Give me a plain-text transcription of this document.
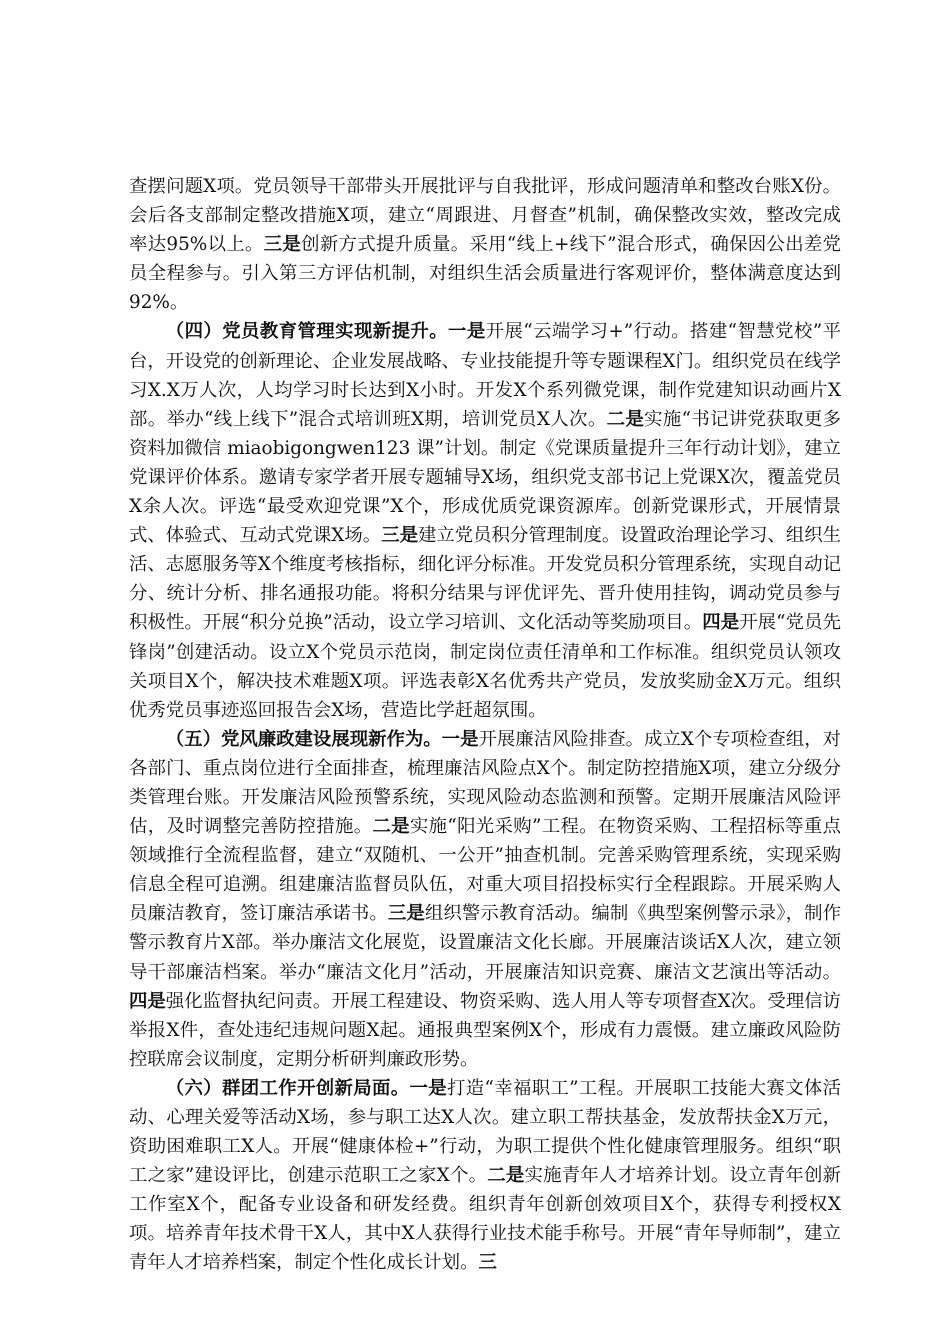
查摆问题X项。党员领导干部带头开展批评与自我批评，形成问题清单和整改台账X份。会后各支部制定整改措施X项，建立“周跟进、月督查”机制，确保整改实效，整改完成率达95%以上。三是创新方式提升质量。采用“线上+线下”混合形式，确保因公出差党员全程参与。引入第三方评估机制，对组织生活会质量进行客观评价，整体满意度达到92%。

（四）党员教育管理实现新提升。一是开展“云端学习+”行动。搭建“智慧党校”平台，开设党的创新理论、企业发展战略、专业技能提升等专题课程X门。组织党员在线学习X.X万人次，人均学习时长达到X小时。开发X个系列微党课，制作党建知识动画片X部。举办“线上线下”混合式培训班X期，培训党员X人次。二是实施“书记讲党获取更多资料加微信 miaobigongwen123 课”计划。制定《党课质量提升三年行动计划》，建立党课评价体系。邀请专家学者开展专题辅导X场，组织党支部书记上党课X次，覆盖党员X余人次。评选“最受欢迎党课”X个，形成优质党课资源库。创新党课形式，开展情景式、体验式、互动式党课X场。三是建立党员积分管理制度。设置政治理论学习、组织生活、志愿服务等X个维度考核指标，细化评分标准。开发党员积分管理系统，实现自动记分、统计分析、排名通报功能。将积分结果与评优评先、晋升使用挂钩，调动党员参与积极性。开展“积分兑换”活动，设立学习培训、文化活动等奖励项目。四是开展“党员先锋岗”创建活动。设立X个党员示范岗，制定岗位责任清单和工作标准。组织党员认领攻关项目X个，解决技术难题X项。评选表彰X名优秀共产党员，发放奖励金X万元。组织优秀党员事迹巡回报告会X场，营造比学赶超氛围。

（五）党风廉政建设展现新作为。一是开展廉洁风险排查。成立X个专项检查组，对各部门、重点岗位进行全面排查，梳理廉洁风险点X个。制定防控措施X项，建立分级分类管理台账。开发廉洁风险预警系统，实现风险动态监测和预警。定期开展廉洁风险评估，及时调整完善防控措施。二是实施“阳光采购”工程。在物资采购、工程招标等重点领域推行全流程监督，建立“双随机、一公开”抽查机制。完善采购管理系统，实现采购信息全程可追溯。组建廉洁监督员队伍，对重大项目招投标实行全程跟踪。开展采购人员廉洁教育，签订廉洁承诺书。三是组织警示教育活动。编制《典型案例警示录》，制作警示教育片X部。举办廉洁文化展览，设置廉洁文化长廊。开展廉洁谈话X人次，建立领导干部廉洁档案。举办“廉洁文化月”活动，开展廉洁知识竞赛、廉洁文艺演出等活动。四是强化监督执纪问责。开展工程建设、物资采购、选人用人等专项督查X次。受理信访举报X件，查处违纪违规问题X起。通报典型案例X个，形成有力震慑。建立廉政风险防控联席会议制度，定期分析研判廉政形势。

（六）群团工作开创新局面。一是打造“幸福职工”工程。开展职工技能大赛文体活动、心理关爱等活动X场，参与职工达X人次。建立职工帮扶基金，发放帮扶金X万元，资助困难职工X人。开展“健康体检+”行动，为职工提供个性化健康管理服务。组织“职工之家”建设评比，创建示范职工之家X个。二是实施青年人才培养计划。设立青年创新工作室X个，配备专业设备和研发经费。组织青年创新创效项目X个，获得专利授权X项。培养青年技术骨干X人，其中X人获得行业技术能手称号。开展“青年导师制”，建立青年人才培养档案，制定个性化成长计划。三
